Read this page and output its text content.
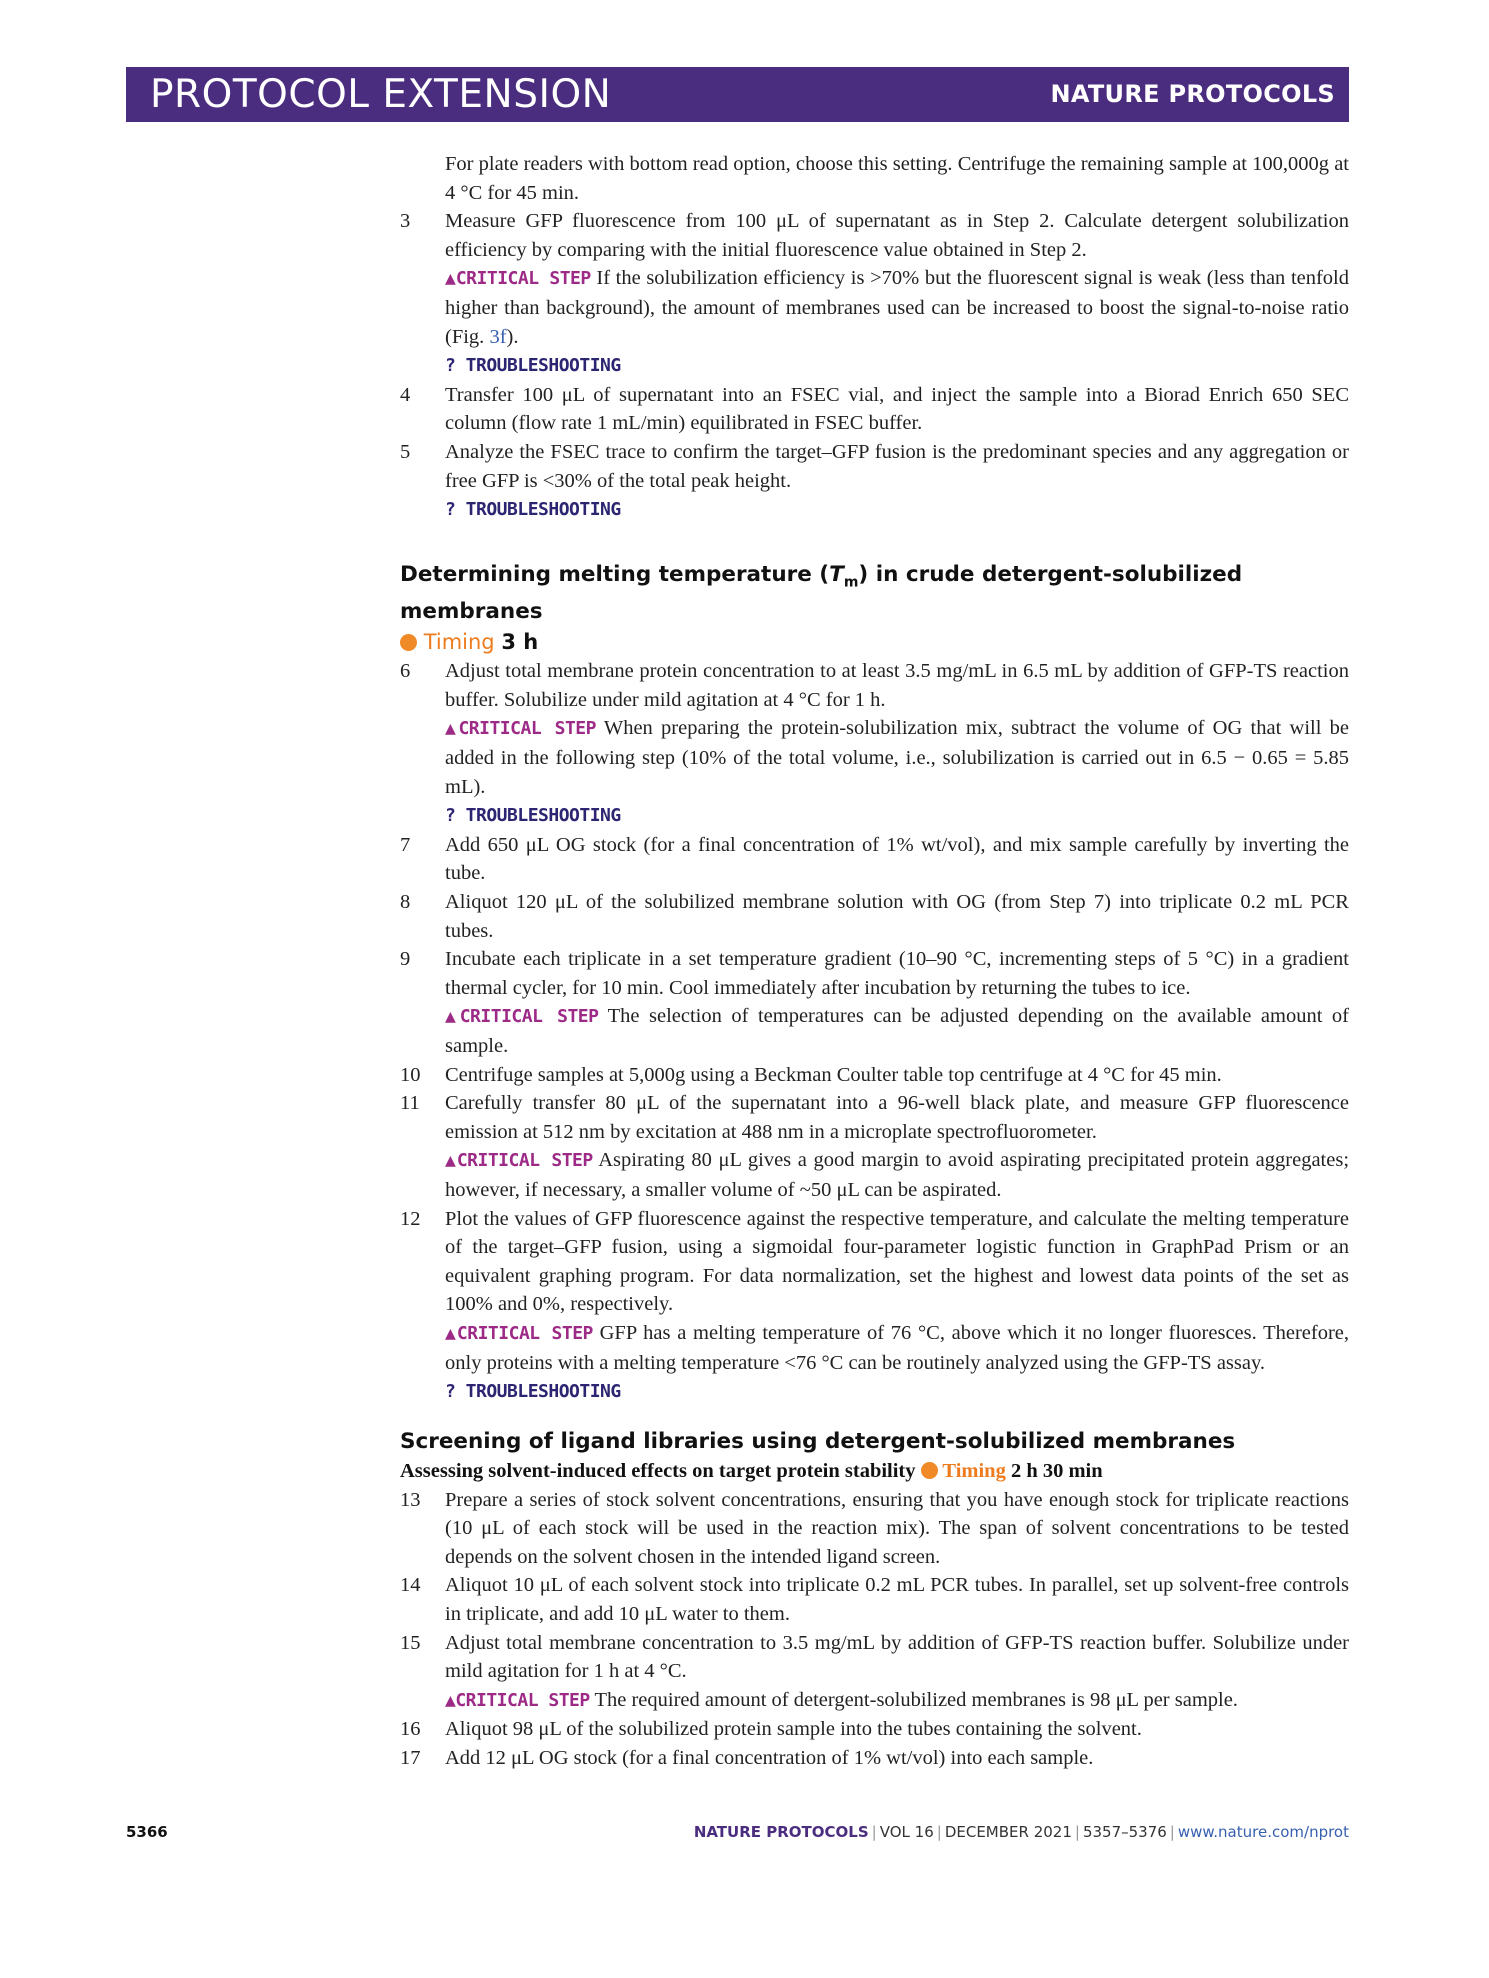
PROTOCOL EXTENSION	NATURE PROTOCOLS
For plate readers with bottom read option, choose this setting. Centrifuge the remaining sample at 100,000g at 4 °C for 45 min.
3 Measure GFP fluorescence from 100 μL of supernatant as in Step 2. Calculate detergent solubilization efficiency by comparing with the initial fluorescence value obtained in Step 2.
▲CRITICAL STEP If the solubilization efficiency is >70% but the fluorescent signal is weak (less than tenfold higher than background), the amount of membranes used can be increased to boost the signal-to-noise ratio (Fig. 3f).
? TROUBLESHOOTING
4 Transfer 100 μL of supernatant into an FSEC vial, and inject the sample into a Biorad Enrich 650 SEC column (flow rate 1 mL/min) equilibrated in FSEC buffer.
5 Analyze the FSEC trace to confirm the target–GFP fusion is the predominant species and any aggregation or free GFP is <30% of the total peak height.
? TROUBLESHOOTING
Determining melting temperature $(T_m)$ in crude detergent-solubilized membranes
Timing 3 h
6 Adjust total membrane protein concentration to at least 3.5 mg/mL in 6.5 mL by addition of GFP-TS reaction buffer. Solubilize under mild agitation at 4 °C for 1 h.
▲CRITICAL STEP When preparing the protein-solubilization mix, subtract the volume of OG that will be added in the following step (10% of the total volume, i.e., solubilization is carried out in 6.5 − 0.65 = 5.85 mL).
? TROUBLESHOOTING
7 Add 650 μL OG stock (for a final concentration of 1% wt/vol), and mix sample carefully by inverting the tube.
8 Aliquot 120 μL of the solubilized membrane solution with OG (from Step 7) into triplicate 0.2 mL PCR tubes.
9 Incubate each triplicate in a set temperature gradient (10–90 °C, incrementing steps of 5 °C) in a gradient thermal cycler, for 10 min. Cool immediately after incubation by returning the tubes to ice.
▲CRITICAL STEP The selection of temperatures can be adjusted depending on the available amount of sample.
10 Centrifuge samples at 5,000g using a Beckman Coulter table top centrifuge at 4 °C for 45 min.
11 Carefully transfer 80 μL of the supernatant into a 96-well black plate, and measure GFP fluorescence emission at 512 nm by excitation at 488 nm in a microplate spectrofluorometer.
▲CRITICAL STEP Aspirating 80 μL gives a good margin to avoid aspirating precipitated protein aggregates; however, if necessary, a smaller volume of ~50 μL can be aspirated.
12 Plot the values of GFP fluorescence against the respective temperature, and calculate the melting temperature of the target–GFP fusion, using a sigmoidal four-parameter logistic function in GraphPad Prism or an equivalent graphing program. For data normalization, set the highest and lowest data points of the set as 100% and 0%, respectively.
▲CRITICAL STEP GFP has a melting temperature of 76 °C, above which it no longer fluoresces. Therefore, only proteins with a melting temperature <76 °C can be routinely analyzed using the GFP-TS assay.
? TROUBLESHOOTING
Screening of ligand libraries using detergent-solubilized membranes
Assessing solvent-induced effects on target protein stability Timing 2 h 30 min
13 Prepare a series of stock solvent concentrations, ensuring that you have enough stock for triplicate reactions (10 μL of each stock will be used in the reaction mix). The span of solvent concentrations to be tested depends on the solvent chosen in the intended ligand screen.
14 Aliquot 10 μL of each solvent stock into triplicate 0.2 mL PCR tubes. In parallel, set up solvent-free controls in triplicate, and add 10 μL water to them.
15 Adjust total membrane concentration to 3.5 mg/mL by addition of GFP-TS reaction buffer. Solubilize under mild agitation for 1 h at 4 °C.
▲CRITICAL STEP The required amount of detergent-solubilized membranes is 98 μL per sample.
16 Aliquot 98 μL of the solubilized protein sample into the tubes containing the solvent.
17 Add 12 μL OG stock (for a final concentration of 1% wt/vol) into each sample.
5366	NATURE PROTOCOLS | VOL 16 | DECEMBER 2021 | 5357–5376 | www.nature.com/nprot
